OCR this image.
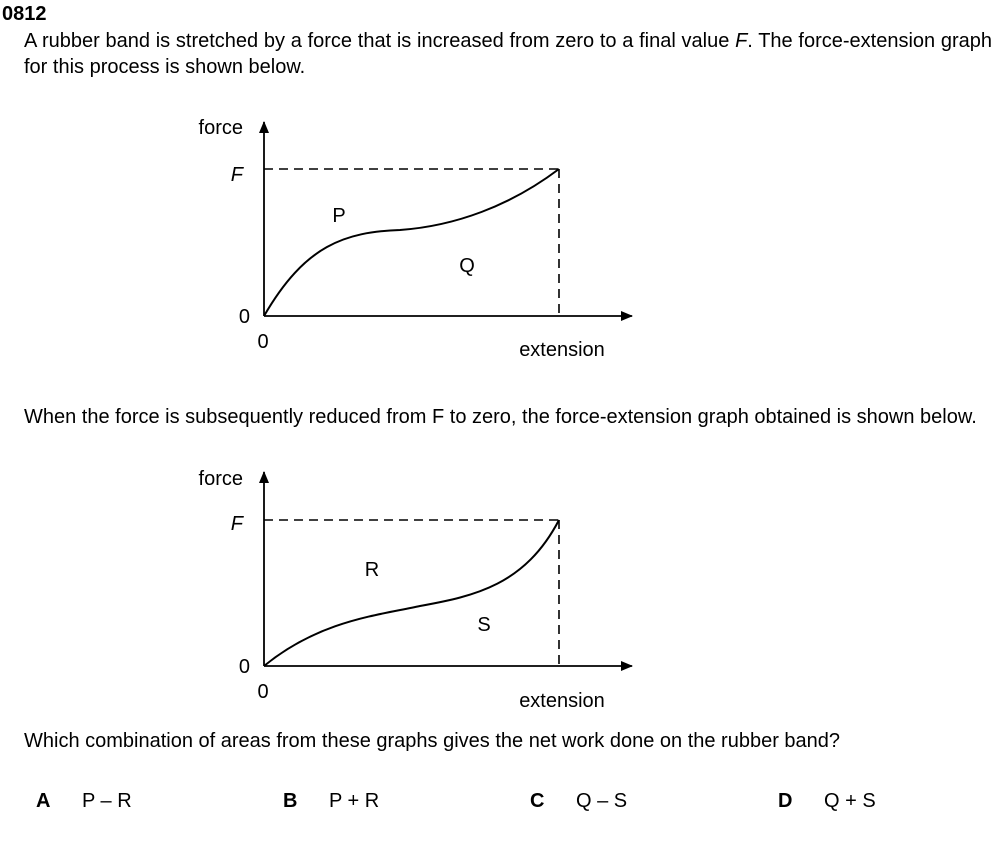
0812
A rubber band is stretched by a force that is increased from zero to a final value F. The force-extension graph for this process is shown below.
force
F
0
0	extension
P
Q
When the force is subsequently reduced from F to zero, the force-extension graph obtained is shown below.
force
F
0
0	extension
R
S
Which combination of areas from these graphs gives the net work done on the rubber band?
A P – R	B P + R	C Q – S	D Q + S
